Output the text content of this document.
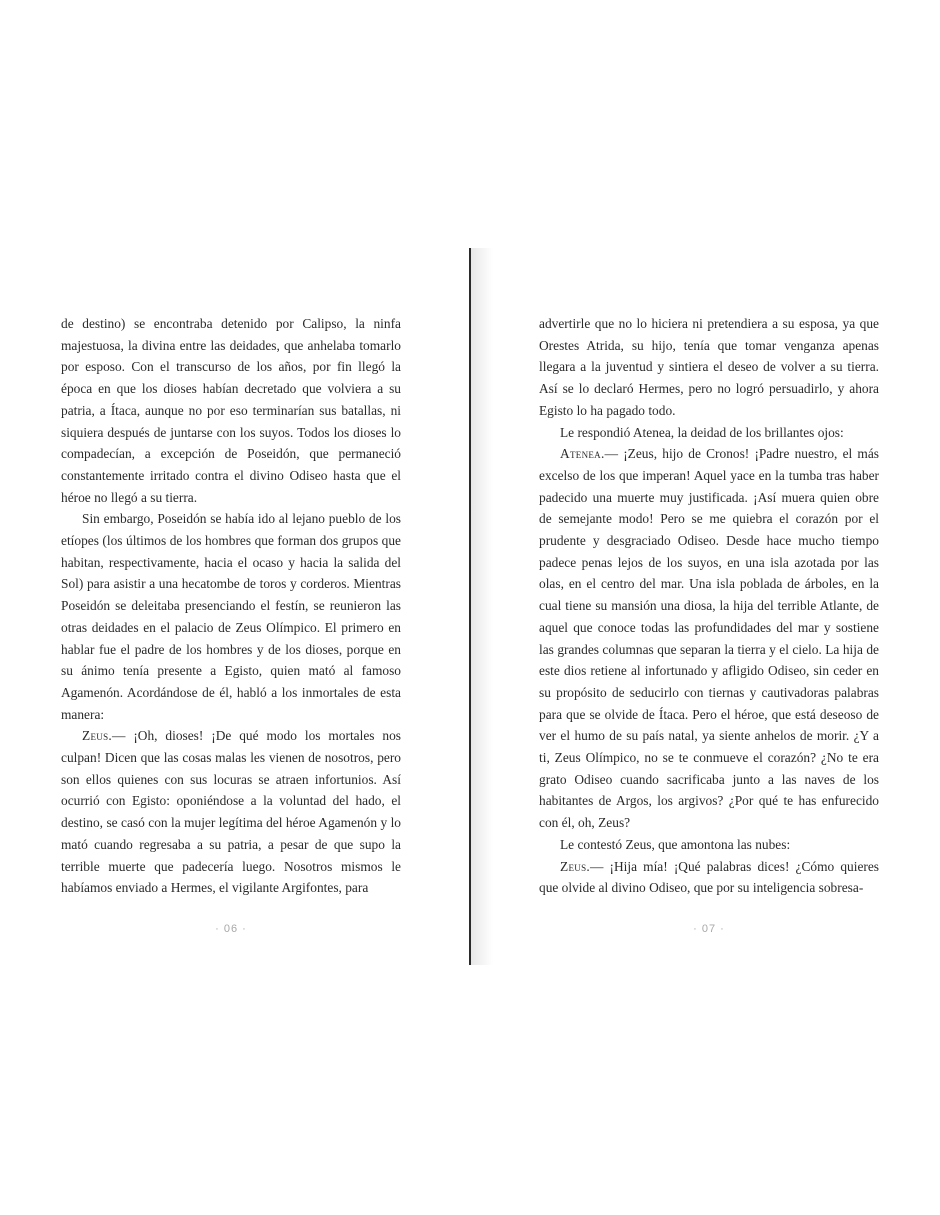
de destino) se encontraba detenido por Calipso, la ninfa majestuosa, la divina entre las deidades, que anhelaba tomarlo por esposo. Con el transcurso de los años, por fin llegó la época en que los dioses habían decretado que volviera a su patria, a Ítaca, aunque no por eso terminarían sus batallas, ni siquiera después de juntarse con los suyos. Todos los dioses lo compadecían, a excepción de Poseidón, que permaneció constantemente irritado contra el divino Odiseo hasta que el héroe no llegó a su tierra.

Sin embargo, Poseidón se había ido al lejano pueblo de los etíopes (los últimos de los hombres que forman dos grupos que habitan, respectivamente, hacia el ocaso y hacia la salida del Sol) para asistir a una hecatombe de toros y corderos. Mientras Poseidón se deleitaba presenciando el festín, se reunieron las otras deidades en el palacio de Zeus Olímpico. El primero en hablar fue el padre de los hombres y de los dioses, porque en su ánimo tenía presente a Egisto, quien mató al famoso Agamenón. Acordándose de él, habló a los inmortales de esta manera:

Zeus.— ¡Oh, dioses! ¡De qué modo los mortales nos culpan! Dicen que las cosas malas les vienen de nosotros, pero son ellos quienes con sus locuras se atraen infortunios. Así ocurrió con Egisto: oponiéndose a la voluntad del hado, el destino, se casó con la mujer legítima del héroe Agamenón y lo mató cuando regresaba a su patria, a pesar de que supo la terrible muerte que padecería luego. Nosotros mismos le habíamos enviado a Hermes, el vigilante Argifontes, para

· 06 ·

advertirle que no lo hiciera ni pretendiera a su esposa, ya que Orestes Atrida, su hijo, tenía que tomar venganza apenas llegara a la juventud y sintiera el deseo de volver a su tierra. Así se lo declaró Hermes, pero no logró persuadirlo, y ahora Egisto lo ha pagado todo.

Le respondió Atenea, la deidad de los brillantes ojos:

Atenea.— ¡Zeus, hijo de Cronos! ¡Padre nuestro, el más excelso de los que imperan! Aquel yace en la tumba tras haber padecido una muerte muy justificada. ¡Así muera quien obre de semejante modo! Pero se me quiebra el corazón por el prudente y desgraciado Odiseo. Desde hace mucho tiempo padece penas lejos de los suyos, en una isla azotada por las olas, en el centro del mar. Una isla poblada de árboles, en la cual tiene su mansión una diosa, la hija del terrible Atlante, de aquel que conoce todas las profundidades del mar y sostiene las grandes columnas que separan la tierra y el cielo. La hija de este dios retiene al infortunado y afligido Odiseo, sin ceder en su propósito de seducirlo con tiernas y cautivadoras palabras para que se olvide de Ítaca. Pero el héroe, que está deseoso de ver el humo de su país natal, ya siente anhelos de morir. ¿Y a ti, Zeus Olímpico, no se te conmueve el corazón? ¿No te era grato Odiseo cuando sacrificaba junto a las naves de los habitantes de Argos, los argivos? ¿Por qué te has enfurecido con él, oh, Zeus?

Le contestó Zeus, que amontona las nubes:

Zeus.— ¡Hija mía! ¡Qué palabras dices! ¿Cómo quieres que olvide al divino Odiseo, que por su inteligencia sobresa-

· 07 ·
